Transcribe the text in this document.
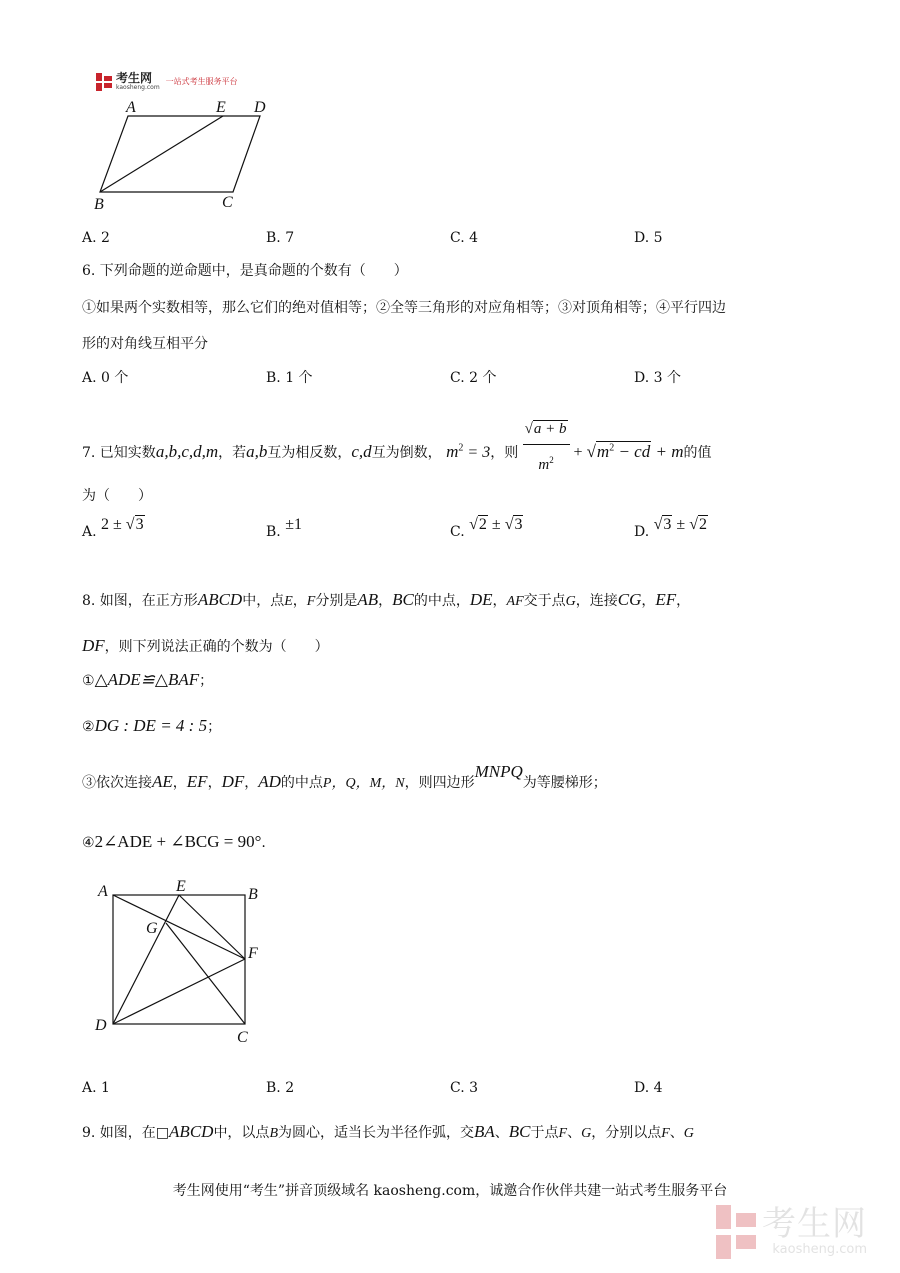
考生网
kaosheng.com
一站式考生服务平台
A	E D
B	C
A. 2	B. 7	C. 4	D. 5
6. 下列命题的逆命题中，是真命题的个数有（　　）
①如果两个实数相等，那么它们的绝对值相等；②全等三角形的对应角相等；③对顶角相等；④平行四边
形的对角线互相平分
A. 0 个	B. 1 个	C. 2 个	D. 3 个
7. 已知实数a,b,c,d,m，若a,b互为相反数，c,d互为倒数， $m^2 = 3$，则 $\frac{√a + b}{m^2} + √m^2$ − cd + m的值
为（　　）
A. 2 ± √3	B. ±1	C. √2 ± √3	D. √3 ± √2
8. 如图，在正方形ABCD中，点E，F分别是AB，BC的中点，DE，AF交于点G，连接CG，EF，
DF，则下列说法正确的个数为（　　）
①△ADE≌△BAF；
②DG : DE = 4 : 5；
③依次连接AE，EF，DF，AD的中点P，Q，M，N，则四边形MNPQ为等腰梯形；
④2∠ADE + ∠BCG = 90°.
A	E	B
G
F
D
C
A. 1	B. 2	C. 3	D. 4
9. 如图，在□ABCD中，以点B为圆心，适当长为半径作弧，交BA、BC于点F、G，分别以点F、G
考生网使用“考生”拼音顶级域名 kaosheng.com，诚邀合作伙伴共建一站式考生服务平台
考生网
kaosheng.com
